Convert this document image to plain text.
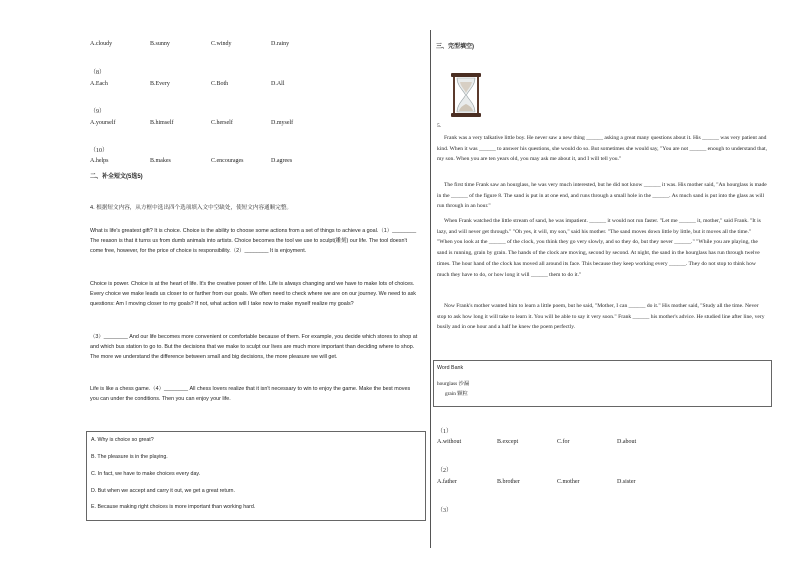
A.cloudy	B.sunny	C.windy	D.rainy
（8）
A.Each	B.Every	C.Both	D.All
（9）
A.yourself	B.himself	C.herself	D.myself
（10）
A.helps	B.makes	C.encourages	D.agrees
二、补全短文(5选5)
4. 根据短文内容，从方框中选出四个选项填入文中空缺处，使短文内容通顺完整。
What is life's greatest gift? It is choice. Choice is the ability to choose some actions from a set of things to achieve a goal.（1）________ The reason is that it turns us from dumb animals into artists. Choice becomes the tool we use to sculpt(雕刻) our life. The tool doesn't come free, however, for the price of choice is responsibility.（2）________ It is enjoyment.
Choice is power. Choice is at the heart of life. It's the creative power of life. Life is always changing and we have to make lots of choices. Every choice we make leads us closer to or farther from our goals. We often need to check where we are on our journey. We need to ask questions: Am I moving closer to my goals? If not, what action will I take now to make myself realize my goals?
（3）________ And our life becomes more convenient or comfortable because of them. For example, you decide which stores to shop at and which bus station to go to. But the decisions that we make to sculpt our lives are much more important than deciding where to shop. The more we understand the difference between small and big decisions, the more pleasure we will get.
Life is like a chess game.（4）________ All chess lovers realize that it isn't necessary to win to enjoy the game. Make the best moves you can under the conditions. Then you can enjoy your life.
A. Why is choice so great?
B. The pleasure is in the playing.
C. In fact, we have to make choices every day.
D. But when we accept and carry it out, we get a great return.
E. Because making right choices is more important than working hard.
三、完型填空)
5.
Frank was a very talkative little boy. He never saw a new thing ______ asking a great many questions about it. His ______ was very patient and kind. When it was ______ to answer his questions, she would do so. But sometimes she would say, "You are not ______ enough to understand that, my son. When you are ten years old, you may ask me about it, and I will tell you."
The first time Frank saw an hourglass, he was very much interested, but he did not know ______ it was. His mother said, "An hourglass is made in the ______ of the figure 8. The sand is put in at one end, and runs through a small hole in the ______. As much sand is put into the glass as will run through in an hour."
When Frank watched the little stream of sand, he was impatient. ______ it would not run faster. "Let me ______ it, mother," said Frank. "It is lazy, and will never get through." "Oh yes, it will, my son," said his mother. "The sand moves down little by little, but it moves all the time." "When you look at the ______ of the clock, you think they go very slowly, and so they do, but they never ______." "While you are playing, the sand is running, grain by grain. The hands of the clock are moving, second by second. At night, the sand in the hourglass has run through twelve times. The hour hand of the clock has moved all around its face. This because they keep working every ______. They do not stop to think how much they have to do, or how long it will ______ them to do it."
Now Frank's mother wanted him to learn a little poem, but he said, "Mother, I can ______ do it." His mother said, "Study all the time. Never stop to ask how long it will take to learn it. You will be able to say it very soon." Frank ______ his mother's advice. He studied line after line, very busily and in one hour and a half he knew the poem perfectly.
Word Bank
hourglass 沙漏
grain 颗粒
（1）
A.without	B.except	C.for	D.about
（2）
A.father	B.brother	C.mother	D.sister
（3）
